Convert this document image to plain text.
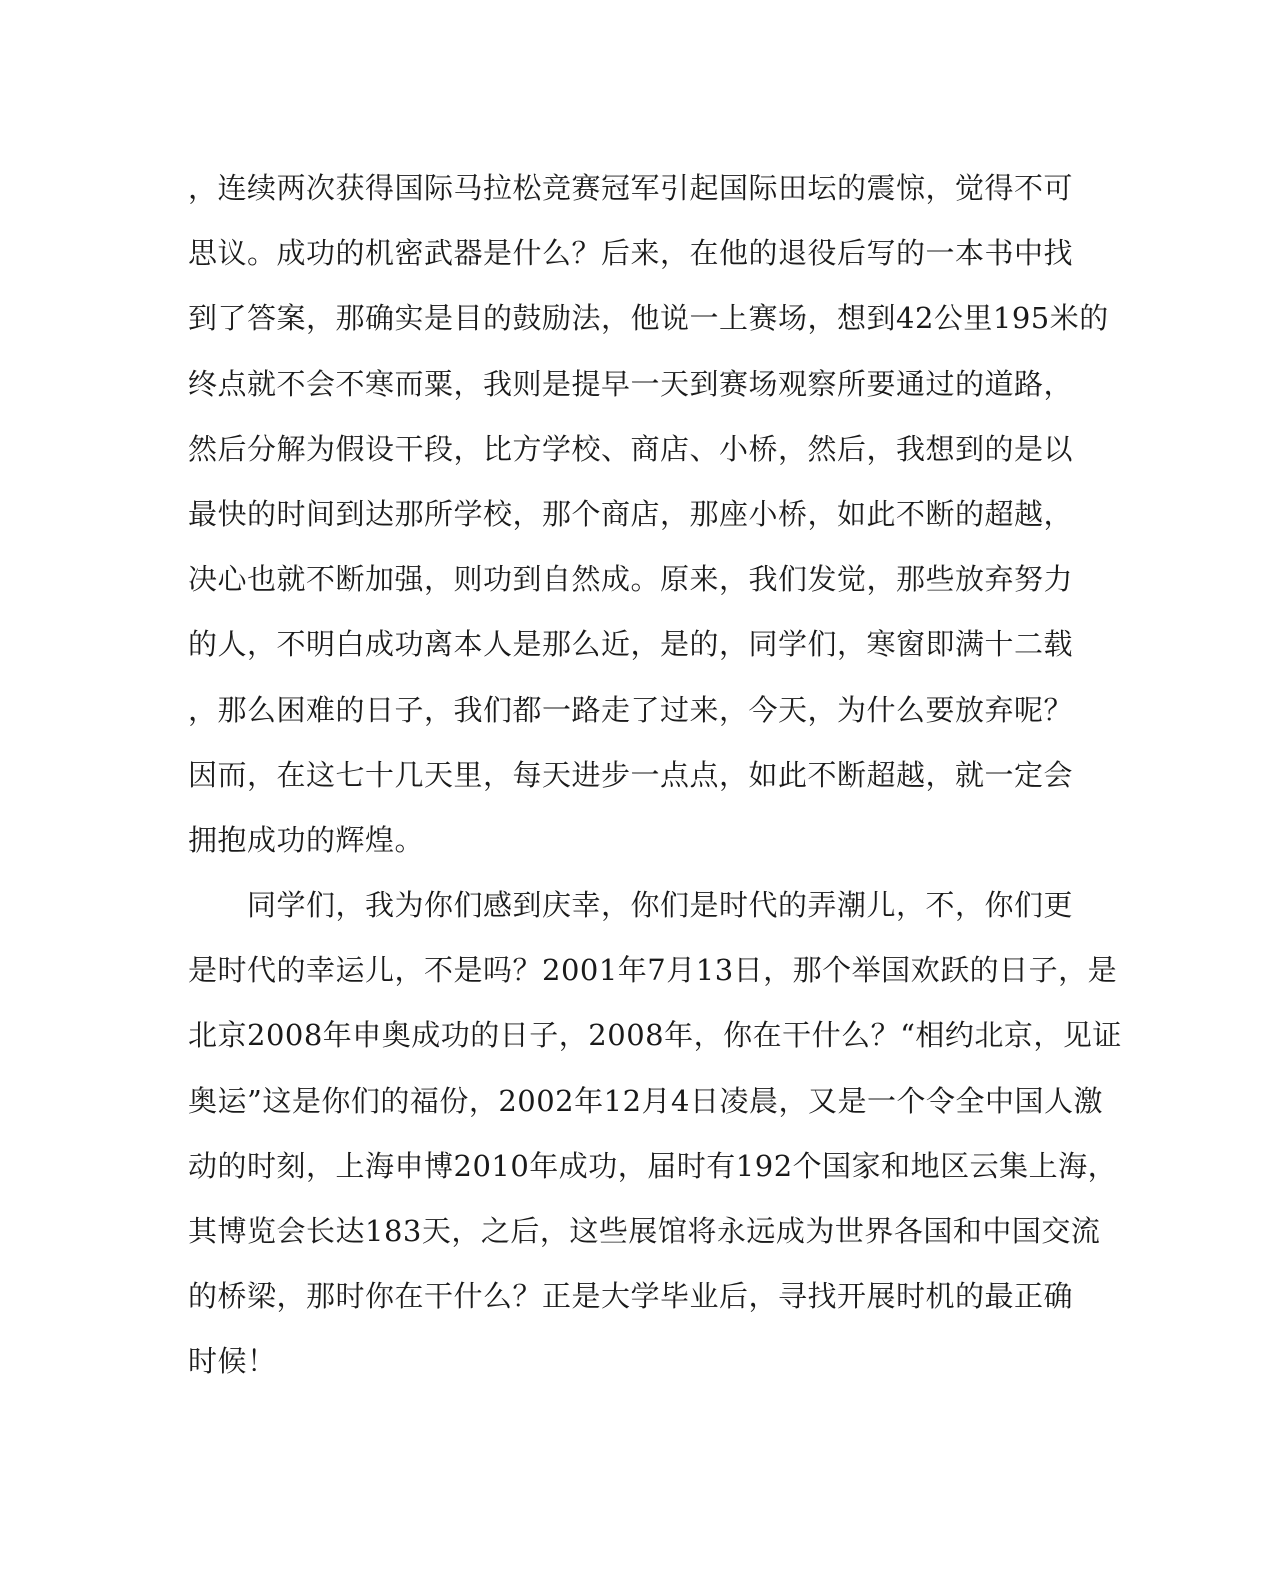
，连续两次获得国际马拉松竞赛冠军引起国际田坛的震惊，觉得不可
思议。成功的机密武器是什么？后来，在他的退役后写的一本书中找
到了答案，那确实是目的鼓励法，他说一上赛场，想到42公里195米的
终点就不会不寒而粟，我则是提早一天到赛场观察所要通过的道路，
然后分解为假设干段，比方学校、商店、小桥，然后，我想到的是以
最快的时间到达那所学校，那个商店，那座小桥，如此不断的超越，
决心也就不断加强，则功到自然成。原来，我们发觉，那些放弃努力
的人，不明白成功离本人是那么近，是的，同学们，寒窗即满十二载
，那么困难的日子，我们都一路走了过来，今天，为什么要放弃呢？
因而，在这七十几天里，每天进步一点点，如此不断超越，就一定会
拥抱成功的辉煌。
　　同学们，我为你们感到庆幸，你们是时代的弄潮儿，不，你们更
是时代的幸运儿，不是吗？2001年7月13日，那个举国欢跃的日子，是
北京2008年申奥成功的日子，2008年，你在干什么？“相约北京，见证
奥运”这是你们的福份，2002年12月4日凌晨，又是一个令全中国人激
动的时刻，上海申博2010年成功，届时有192个国家和地区云集上海，
其博览会长达183天，之后，这些展馆将永远成为世界各国和中国交流
的桥梁，那时你在干什么？正是大学毕业后，寻找开展时机的最正确
时候！
